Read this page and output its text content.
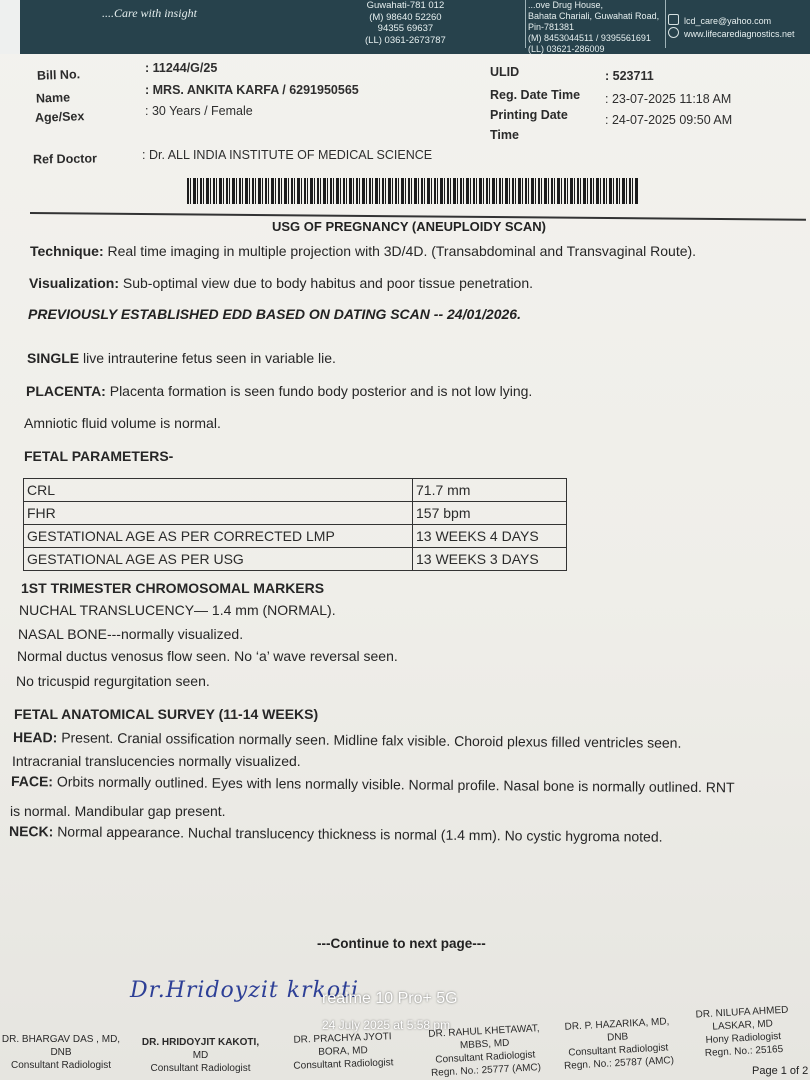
....Care with insight
Guwahati-781 012
(M) 98640 52260
94355 69637
(LL) 0361-2673787
...ove Drug House,
Bahata Chariali, Guwahati Road,
Pin-781381
(M) 8453044511 / 9395561691
(LL) 03621-286009
lcd_care@yahoo.com
www.lifecarediagnostics.net
Bill No.	: 11244/G/25
Name
: MRS. ANKITA KARFA / 6291950565
Age/Sex	: 30 Years / Female
Ref Doctor	: Dr. ALL INDIA INSTITUTE OF MEDICAL SCIENCE
ULID	: 523711
Reg. Date Time : 23-07-2025 11:18 AM
Printing Date
Time
: 24-07-2025 09:50 AM
USG OF PREGNANCY (ANEUPLOIDY SCAN)
Technique: Real time imaging in multiple projection with 3D/4D. (Transabdominal and Transvaginal Route).
Visualization: Sub-optimal view due to body habitus and poor tissue penetration.
PREVIOUSLY ESTABLISHED EDD BASED ON DATING SCAN -- 24/01/2026.
SINGLE live intrauterine fetus seen in variable lie.
PLACENTA: Placenta formation is seen fundo body posterior and is not low lying.
Amniotic fluid volume is normal.
FETAL PARAMETERS-
CRL	71.7 mm
FHR	157 bpm
GESTATIONAL AGE AS PER CORRECTED LMP	13 WEEKS 4 DAYS
GESTATIONAL AGE AS PER USG	13 WEEKS 3 DAYS
1ST TRIMESTER CHROMOSOMAL MARKERS
NUCHAL TRANSLUCENCY— 1.4 mm (NORMAL).
NASAL BONE---normally visualized.
Normal ductus venosus flow seen. No ‘a’ wave reversal seen.
No tricuspid regurgitation seen.
FETAL ANATOMICAL SURVEY (11-14 WEEKS)
HEAD: Present. Cranial ossification normally seen. Midline falx visible. Choroid plexus filled ventricles seen.
Intracranial translucencies normally visualized.
FACE: Orbits normally outlined. Eyes with lens normally visible. Normal profile. Nasal bone is normally outlined. RNT
is normal. Mandibular gap present.
NECK: Normal appearance. Nuchal translucency thickness is normal (1.4 mm). No cystic hygroma noted.
---Continue to next page---
Dr.Hridoyzit krkoti
DR. BHARGAV DAS , MD,
DNB
Consultant Radiologist
DR. HRIDOYJIT KAKOTI,
MD
Consultant Radiologist
DR. PRACHYA JYOTI
BORA, MD
Consultant Radiologist
DR. RAHUL KHETAWAT,
MBBS, MD
Consultant Radiologist
Regn. No.: 25777 (AMC)
DR. P. HAZARIKA, MD,
DNB
Consultant Radiologist
Regn. No.: 25787 (AMC)
DR. NILUFA AHMED
LASKAR, MD
Hony Radiologist
Regn. No.: 25165
Page 1 of 2
realme 10 Pro+ 5G
24 July 2025 at 5:58 pm
